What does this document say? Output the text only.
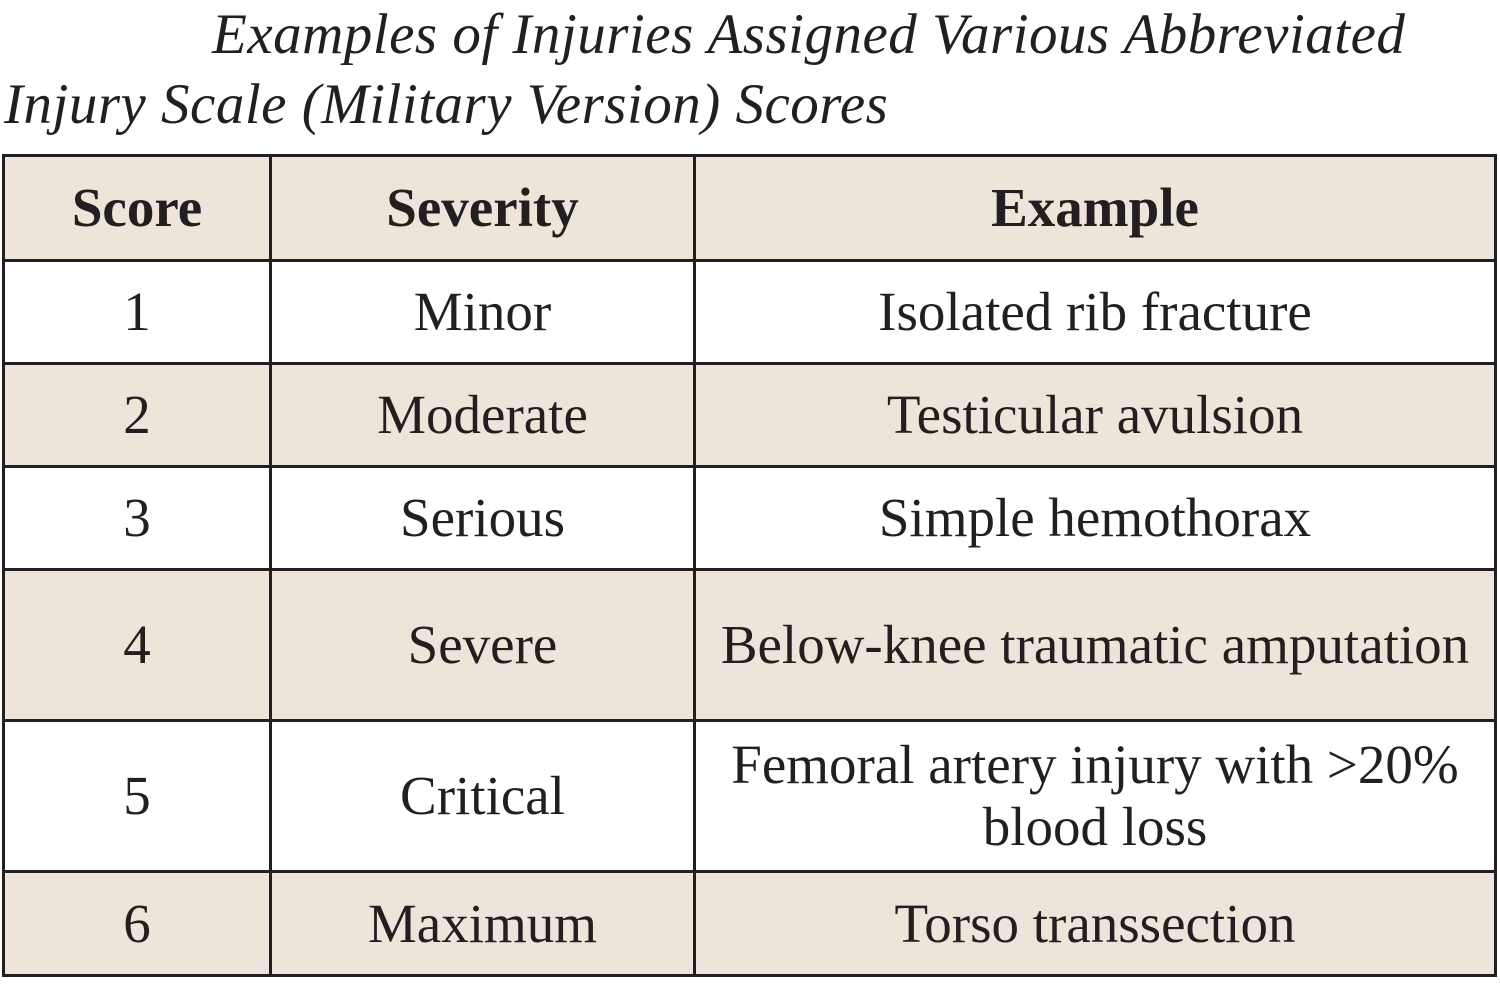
Examples of Injuries Assigned Various Abbreviated
Injury Scale (Military Version) Scores
Score	Severity	Example
1	Minor	Isolated rib fracture
2	Moderate	Testicular avulsion
3	Serious	Simple hemothorax
4	Severe	Below-knee traumatic amputation
5	Critical	Femoral artery injury with >20% blood loss
6	Maximum	Torso transsection
